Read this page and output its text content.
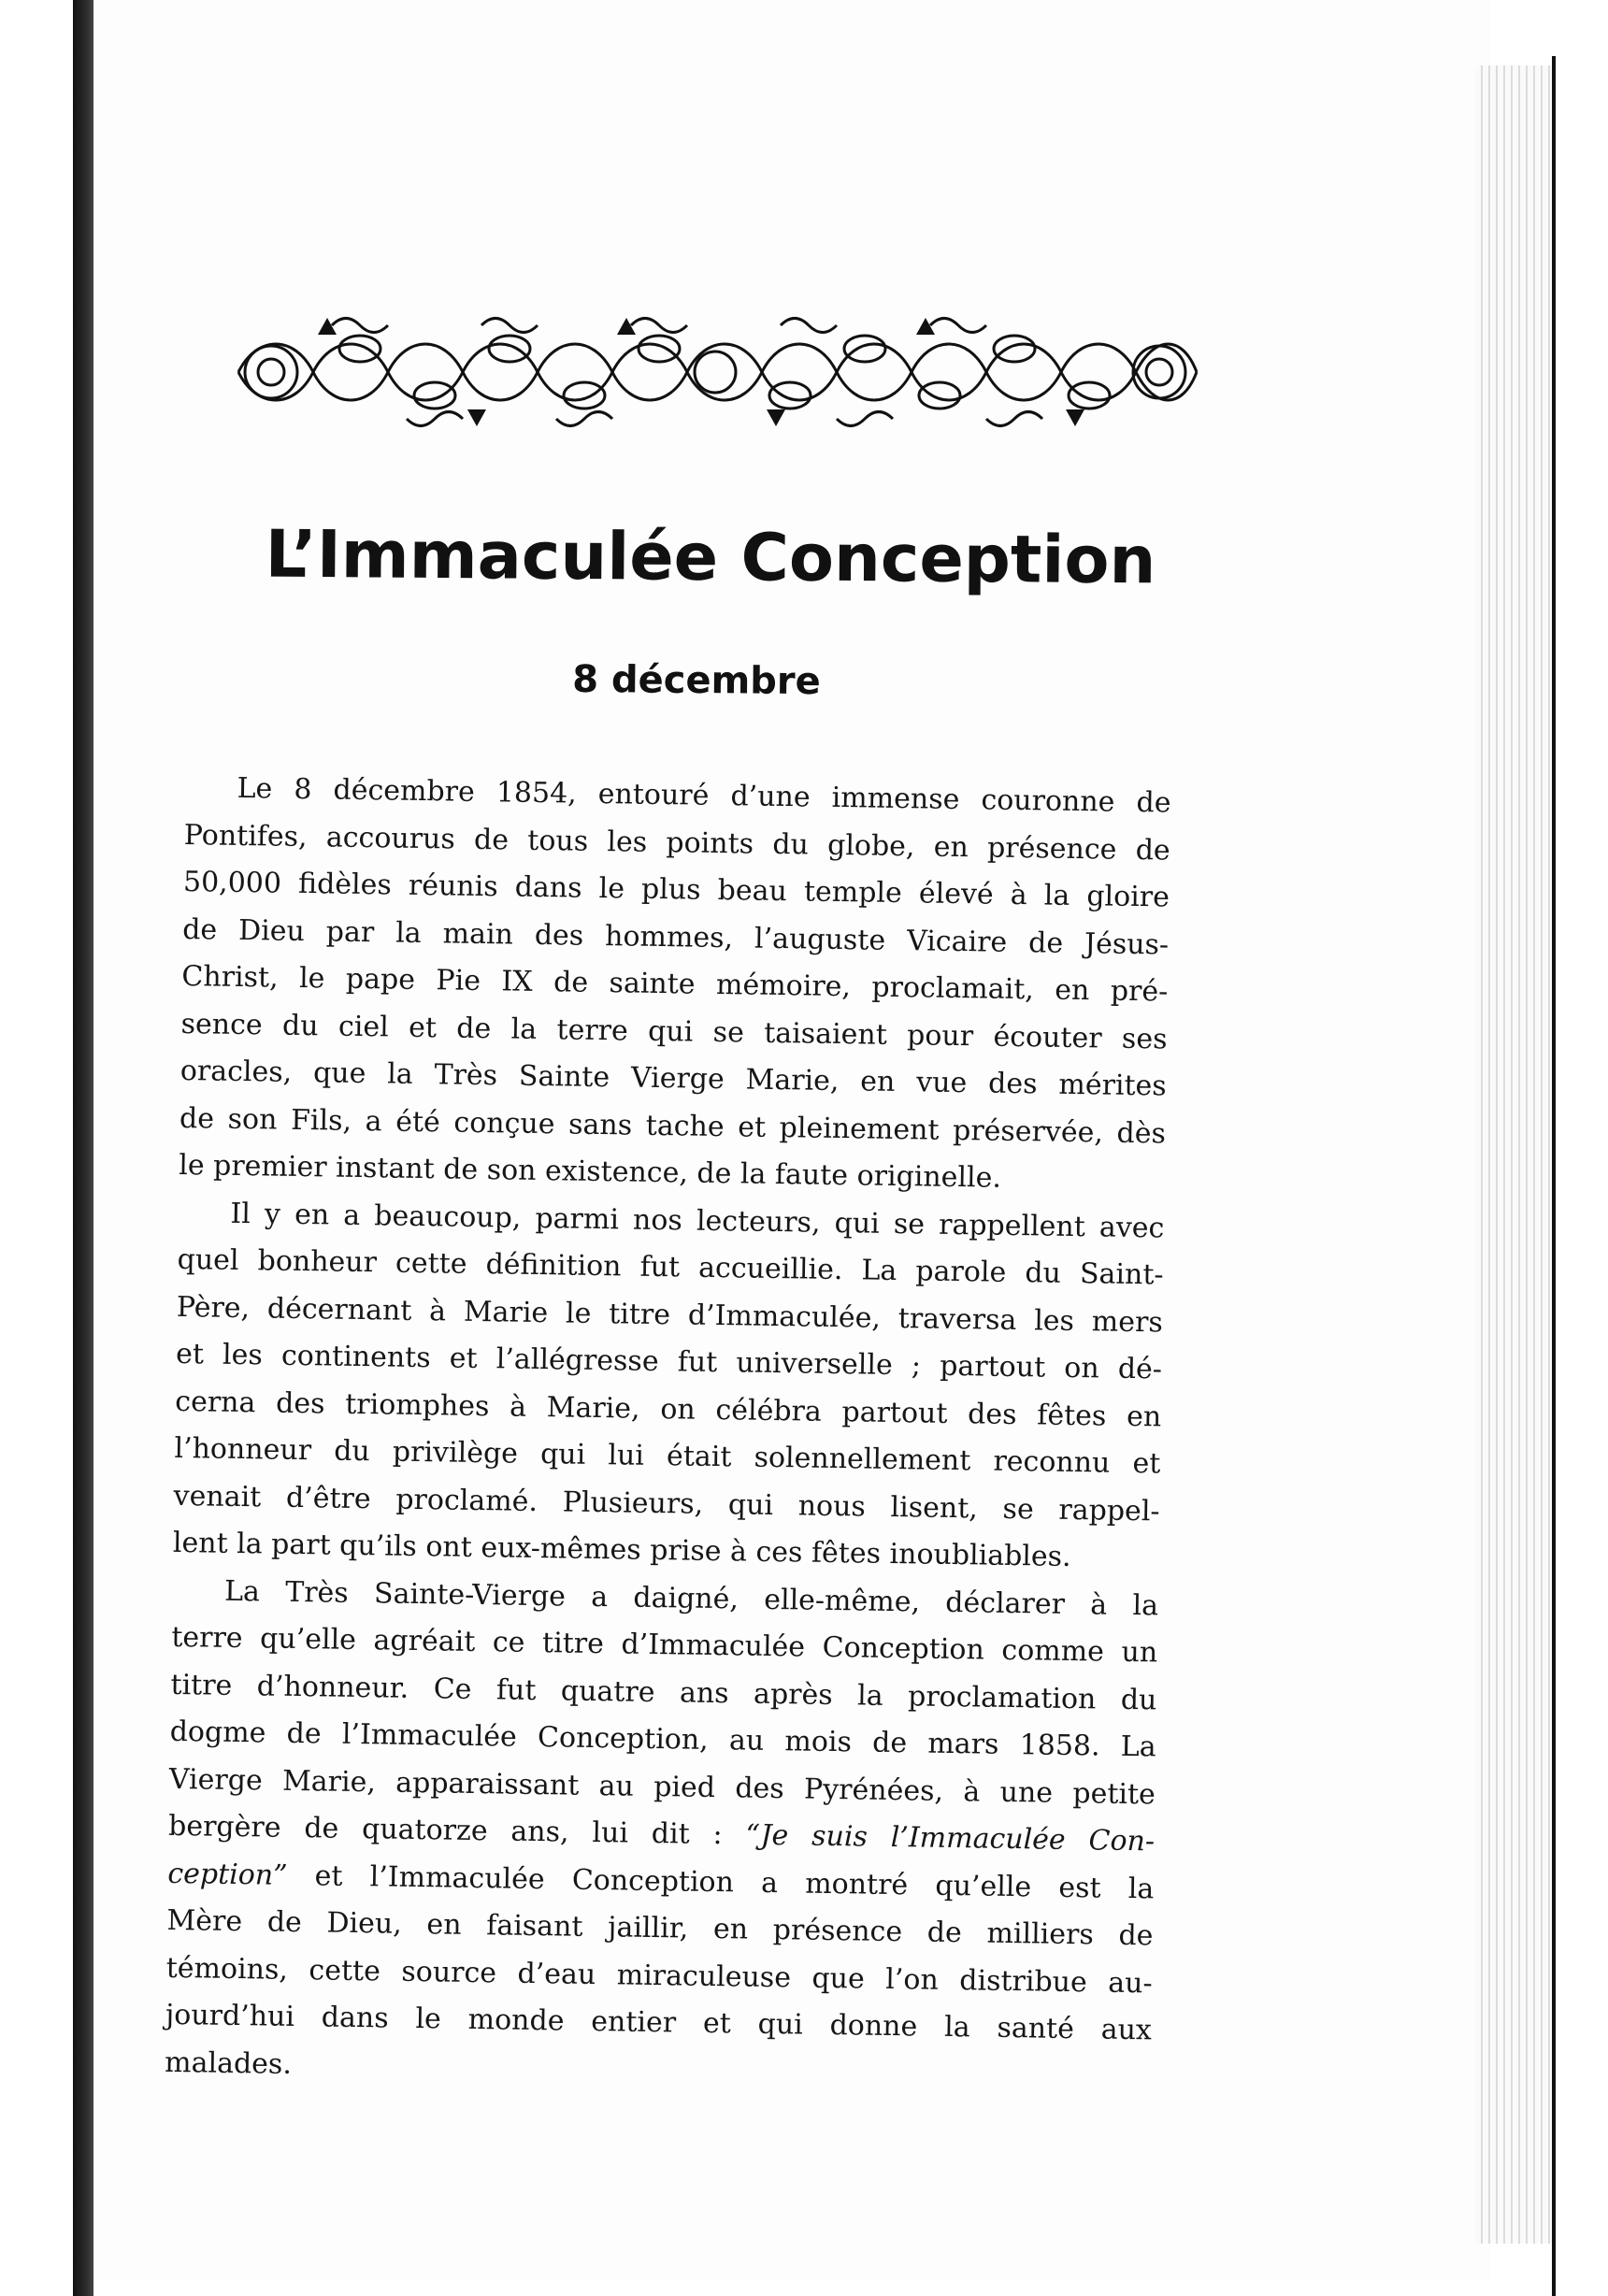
L’Immaculée Conception
8 décembre
Le 8 décembre 1854, entouré d’une immense couronne de
Pontifes, accourus de tous les points du globe, en présence de
50,000 fidèles réunis dans le plus beau temple élevé à la gloire
de Dieu par la main des hommes, l’auguste Vicaire de Jésus-
Christ, le pape Pie IX de sainte mémoire, proclamait, en pré-
sence du ciel et de la terre qui se taisaient pour écouter ses
oracles, que la Très Sainte Vierge Marie, en vue des mérites
de son Fils, a été conçue sans tache et pleinement préservée, dès
le premier instant de son existence, de la faute originelle.
Il y en a beaucoup, parmi nos lecteurs, qui se rappellent avec
quel bonheur cette définition fut accueillie. La parole du Saint-
Père, décernant à Marie le titre d’Immaculée, traversa les mers
et les continents et l’allégresse fut universelle ; partout on dé-
cerna des triomphes à Marie, on célébra partout des fêtes en
l’honneur du privilège qui lui était solennellement reconnu et
venait d’être proclamé. Plusieurs, qui nous lisent, se rappel-
lent la part qu’ils ont eux-mêmes prise à ces fêtes inoubliables.
La Très Sainte-Vierge a daigné, elle-même, déclarer à la
terre qu’elle agréait ce titre d’Immaculée Conception comme un
titre d’honneur. Ce fut quatre ans après la proclamation du
dogme de l’Immaculée Conception, au mois de mars 1858. La
Vierge Marie, apparaissant au pied des Pyrénées, à une petite
bergère de quatorze ans, lui dit : “Je suis l’Immaculée Con-
ception” et l’Immaculée Conception a montré qu’elle est la
Mère de Dieu, en faisant jaillir, en présence de milliers de
témoins, cette source d’eau miraculeuse que l’on distribue au-
jourd’hui dans le monde entier et qui donne la santé aux
malades.
